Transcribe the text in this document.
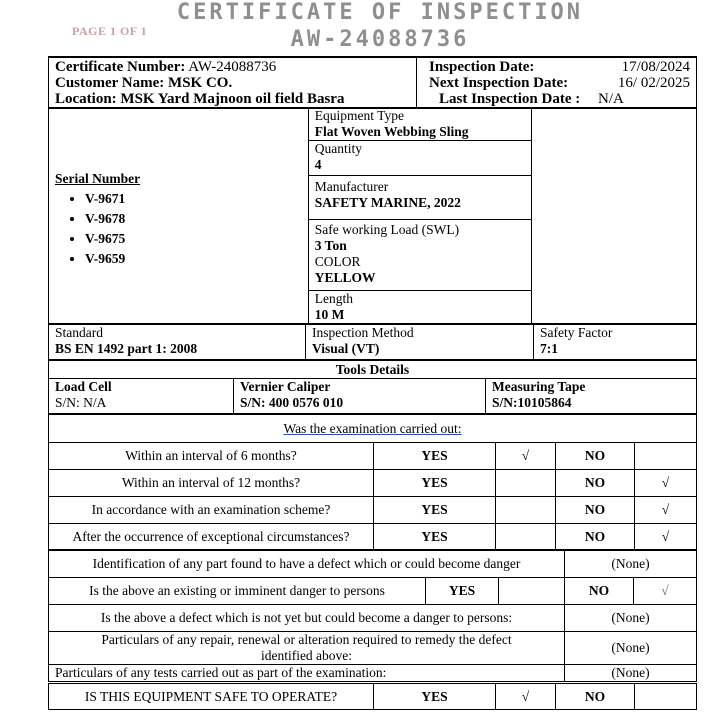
PAGE 1 OF 1
CERTIFICATE OF INSPECTION
AW-24088736
Certificate Number: AW-24088736
Customer Name: MSK CO.
Location: MSK Yard Majnoon oil field Basra

Inspection Date:	17/08/2024
Next Inspection Date:	16/ 02/2025
Last Inspection Date : N/A
Serial Number
• V-9671
• V-9678
• V-9675
• V-9659

Equipment Type
Flat Woven Webbing Sling

Quantity
4

Manufacturer
SAFETY MARINE, 2022

Safe working Load (SWL)
3 Ton
COLOR
YELLOW

Length
10 M
Standard
BS EN 1492 part 1: 2008

Inspection Method
Visual (VT)

Safety Factor
7:1
Tools Details

Load Cell
S/N: N/A

Vernier Caliper
S/N: 400 0576 010

Measuring Tape
S/N:10105864
Was the examination carried out:				
Within an interval of 6 months?	YES	√	NO	
Within an interval of 12 months?	YES		NO	√
In accordance with an examination scheme?	YES		NO	√
After the occurrence of exceptional circumstances?	YES		NO	√
Identification of any part found to have a defect which or could become danger			(None)	
Is the above an existing or imminent danger to persons	YES		NO	√
Is the above a defect which is not yet but could become a danger to persons:			(None)	
Particulars of any repair, renewal or alteration required to remedy the defect identified above:			(None)	
Particulars of any tests carried out as part of the examination:			(None)	
IS THIS EQUIPMENT SAFE TO OPERATE?	YES	√	NO	
